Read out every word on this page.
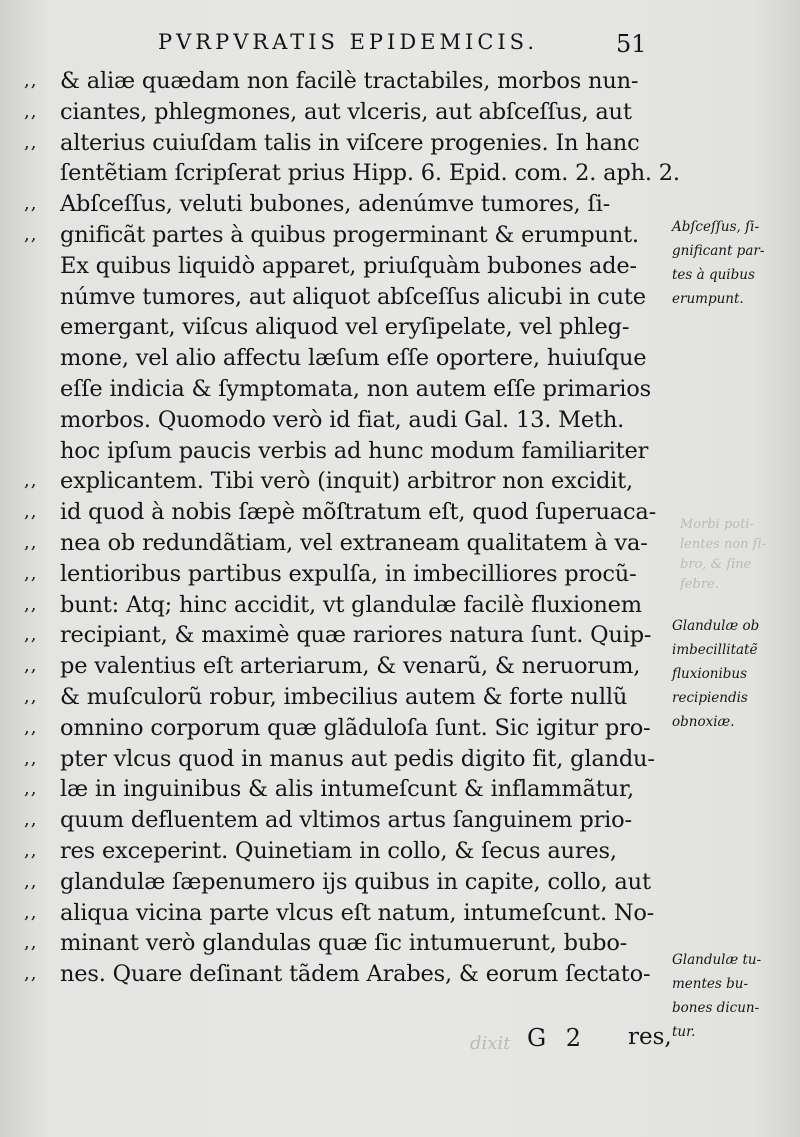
PVRPVRATIS EPIDEMICIS.	51
Morbi poti-
lentes non ſi-
bro, & ſine
febre.
dixit
,, & aliæ quædam non facilè tractabiles, morbos nun-
,, ciantes, phlegmones, aut vlceris, aut abſceſſus, aut
,, alterius cuiuſdam talis in viſcere progenies. In hanc
ſentẽtiam ſcripſerat prius Hipp. 6. Epid. com. 2. aph. 2.
,, Abſceſſus, veluti bubones, adenúmve tumores, ſi-
,, gnificãt partes à quibus progerminant & erumpunt.
Ex quibus liquidò apparet, priuſquàm bubones ade-
númve tumores, aut aliquot abſceſſus alicubi in cute
emergant, viſcus aliquod vel eryſipelate, vel phleg-
mone, vel alio affectu læſum eſſe oportere, huiuſque
eſſe indicia & ſymptomata, non autem eſſe primarios
morbos. Quomodo verò id fiat, audi Gal. 13. Meth.
hoc ipſum paucis verbis ad hunc modum familiariter
,, explicantem. Tibi verò (inquit) arbitror non excidit,
,, id quod à nobis ſæpè mõſtratum eſt, quod ſuperuaca-
,, nea ob redundãtiam, vel extraneam qualitatem à va-
,, lentioribus partibus expulſa, in imbecilliores procũ-
,, bunt: Atq; hinc accidit, vt glandulæ facilè fluxionem
,, recipiant, & maximè quæ rariores natura ſunt. Quip-
,, pe valentius eſt arteriarum, & venarũ, & neruorum,
,, & muſculorũ robur, imbecilius autem & forte nullũ
,, omnino corporum quæ glãduloſa ſunt. Sic igitur pro-
,, pter vlcus quod in manus aut pedis digito fit, glandu-
,, læ in inguinibus & alis intumeſcunt & inflammãtur,
,, quum defluentem ad vltimos artus ſanguinem prio-
,, res exceperint. Quinetiam in collo, & ſecus aures,
,, glandulæ ſæpenumero ijs quibus in capite, collo, aut
,, aliqua vicina parte vlcus eſt natum, intumeſcunt. No-
,, minant verò glandulas quæ ſic intumuerunt, bubo-
,, nes. Quare deſinant tãdem Arabes, & eorum ſectato-
Abſceſſus, ſi-
gnificant par-
tes à quibus
erumpunt.
Glandulæ ob
imbecillitatẽ
fluxionibus
recipiendis
obnoxiæ.
Glandulæ tu-
mentes bu-
bones dicun-
tur.
G 2 res,
